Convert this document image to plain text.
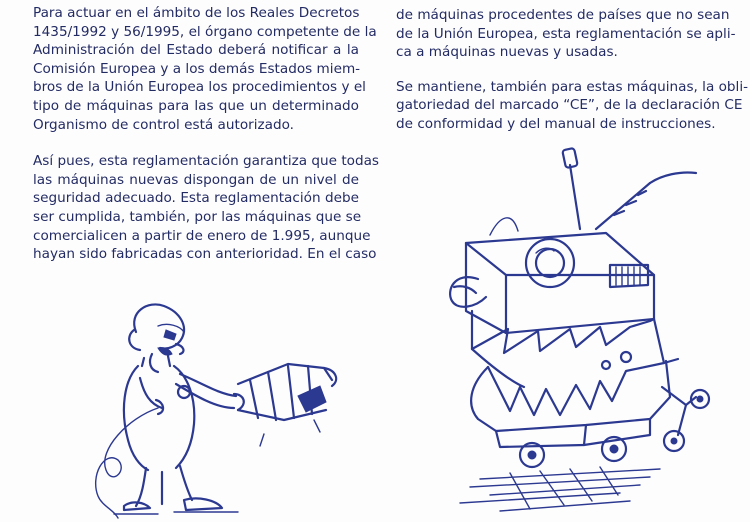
Para actuar en el ámbito de los Reales Decretos
1435/1992 y 56/1995, el órgano competente de la
Administración del Estado deberá notificar a la
Comisión Europea y a los demás Estados miem-
bros de la Unión Europea los procedimientos y el
tipo de máquinas para las que un determinado
Organismo de control está autorizado.

Así pues, esta reglamentación garantiza que todas
las máquinas nuevas dispongan de un nivel de
seguridad adecuado. Esta reglamentación debe
ser cumplida, también, por las máquinas que se
comercialicen a partir de enero de 1.995, aunque
hayan sido fabricadas con anterioridad. En el caso

de máquinas procedentes de países que no sean
de la Unión Europea, esta reglamentación se apli-
ca a máquinas nuevas y usadas.

Se mantiene, también para estas máquinas, la obli-
gatoriedad del marcado “CE”, de la declaración CE
de conformidad y del manual de instrucciones.
